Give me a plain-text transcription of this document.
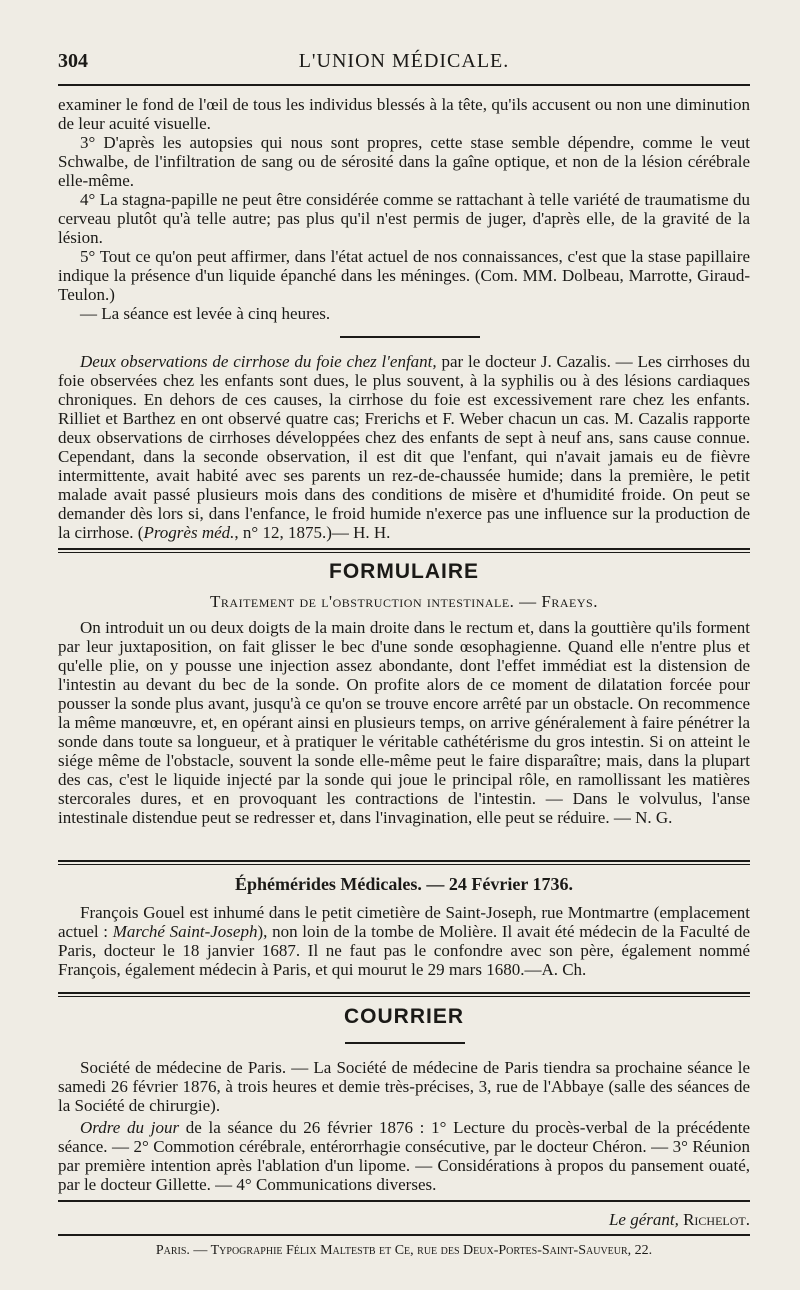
304	L'UNION MÉDICALE.

examiner le fond de l'œil de tous les individus blessés à la tête, qu'ils accusent ou non une diminution de leur acuité visuelle.

3° D'après les autopsies qui nous sont propres, cette stase semble dépendre, comme le veut Schwalbe, de l'infiltration de sang ou de sérosité dans la gaîne optique, et non de la lésion cérébrale elle-même.

4° La stagna-papille ne peut être considérée comme se rattachant à telle variété de traumatisme du cerveau plutôt qu'à telle autre; pas plus qu'il n'est permis de juger, d'après elle, de la gravité de la lésion.

5° Tout ce qu'on peut affirmer, dans l'état actuel de nos connaissances, c'est que la stase papillaire indique la présence d'un liquide épanché dans les méninges. (Com. MM. Dolbeau, Marrotte, Giraud-Teulon.)

— La séance est levée à cinq heures.

Deux observations de cirrhose du foie chez l'enfant, par le docteur J. Cazalis. — Les cirrhoses du foie observées chez les enfants sont dues, le plus souvent, à la syphilis ou à des lésions cardiaques chroniques. En dehors de ces causes, la cirrhose du foie est excessivement rare chez les enfants. Rilliet et Barthez en ont observé quatre cas; Frerichs et F. Weber chacun un cas. M. Cazalis rapporte deux observations de cirrhoses développées chez des enfants de sept à neuf ans, sans cause connue. Cependant, dans la seconde observation, il est dit que l'enfant, qui n'avait jamais eu de fièvre intermittente, avait habité avec ses parents un rez-de-chaussée humide; dans la première, le petit malade avait passé plusieurs mois dans des conditions de misère et d'humidité froide. On peut se demander dès lors si, dans l'enfance, le froid humide n'exerce pas une influence sur la production de la cirrhose. (Progrès méd., n° 12, 1875.)— H. H.

FORMULAIRE
Traitement de l'obstruction intestinale. — Fraeys.

On introduit un ou deux doigts de la main droite dans le rectum et, dans la gouttière qu'ils forment par leur juxtaposition, on fait glisser le bec d'une sonde œsophagienne. Quand elle n'entre plus et qu'elle plie, on y pousse une injection assez abondante, dont l'effet immédiat est la distension de l'intestin au devant du bec de la sonde. On profite alors de ce moment de dilatation forcée pour pousser la sonde plus avant, jusqu'à ce qu'on se trouve encore arrêté par un obstacle. On recommence la même manœuvre, et, en opérant ainsi en plusieurs temps, on arrive généralement à faire pénétrer la sonde dans toute sa longueur, et à pratiquer le véritable cathétérisme du gros intestin. Si on atteint le siége même de l'obstacle, souvent la sonde elle-même peut le faire disparaître; mais, dans la plupart des cas, c'est le liquide injecté par la sonde qui joue le principal rôle, en ramollissant les matières stercorales dures, et en provoquant les contractions de l'intestin. — Dans le volvulus, l'anse intestinale distendue peut se redresser et, dans l'invagination, elle peut se réduire. — N. G.

Éphémérides Médicales. — 24 Février 1736.

François Gouel est inhumé dans le petit cimetière de Saint-Joseph, rue Montmartre (emplacement actuel : Marché Saint-Joseph), non loin de la tombe de Molière. Il avait été médecin de la Faculté de Paris, docteur le 18 janvier 1687. Il ne faut pas le confondre avec son père, également nommé François, également médecin à Paris, et qui mourut le 29 mars 1680.—A. Ch.

COURRIER

Société de médecine de Paris. — La Société de médecine de Paris tiendra sa prochaine séance le samedi 26 février 1876, à trois heures et demie très-précises, 3, rue de l'Abbaye (salle des séances de la Société de chirurgie).

Ordre du jour de la séance du 26 février 1876 : 1° Lecture du procès-verbal de la précédente séance. — 2° Commotion cérébrale, entérorrhagie consécutive, par le docteur Chéron. — 3° Réunion par première intention après l'ablation d'un lipome. — Considérations à propos du pansement ouaté, par le docteur Gillette. — 4° Communications diverses.

Le gérant, Richelot.
Paris. — Typographie Félix Maltestb et Ce, rue des Deux-Portes-Saint-Sauveur, 22.
